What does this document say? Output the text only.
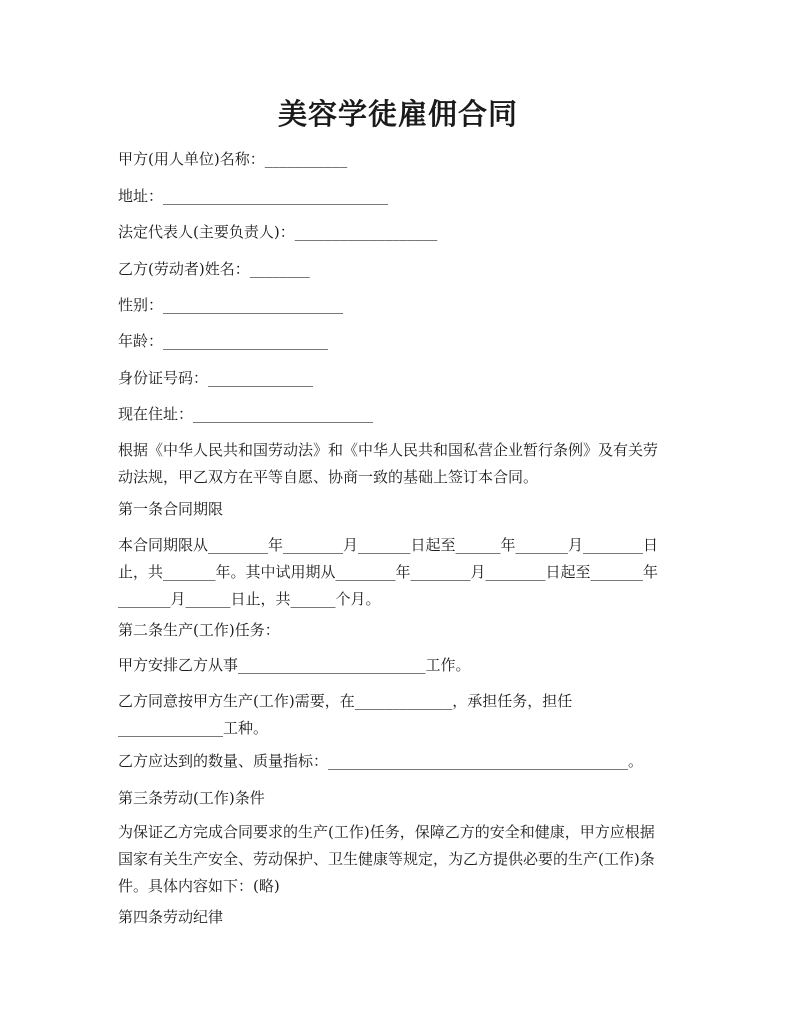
美容学徒雇佣合同

甲方(用人单位)名称：___________

地址：______________________________

法定代表人(主要负责人)：___________________

乙方(劳动者)姓名：________

性别：________________________

年龄：______________________

身份证号码：______________

现在住址：________________________

根据《中华人民共和国劳动法》和《中华人民共和国私营企业暂行条例》及有关劳
动法规，甲乙双方在平等自愿、协商一致的基础上签订本合同。

第一条合同期限

本合同期限从________年________月_______日起至______年_______月________日
止，共_______年。其中试用期从________年________月________日起至_______年
_______月______日止，共______个月。

第二条生产(工作)任务：

甲方安排乙方从事_________________________工作。

乙方同意按甲方生产(工作)需要，在_____________，承担任务，担任
______________工种。

乙方应达到的数量、质量指标：________________________________________。

第三条劳动(工作)条件

为保证乙方完成合同要求的生产(工作)任务，保障乙方的安全和健康，甲方应根据
国家有关生产安全、劳动保护、卫生健康等规定，为乙方提供必要的生产(工作)条
件。具体内容如下：(略)

第四条劳动纪律
